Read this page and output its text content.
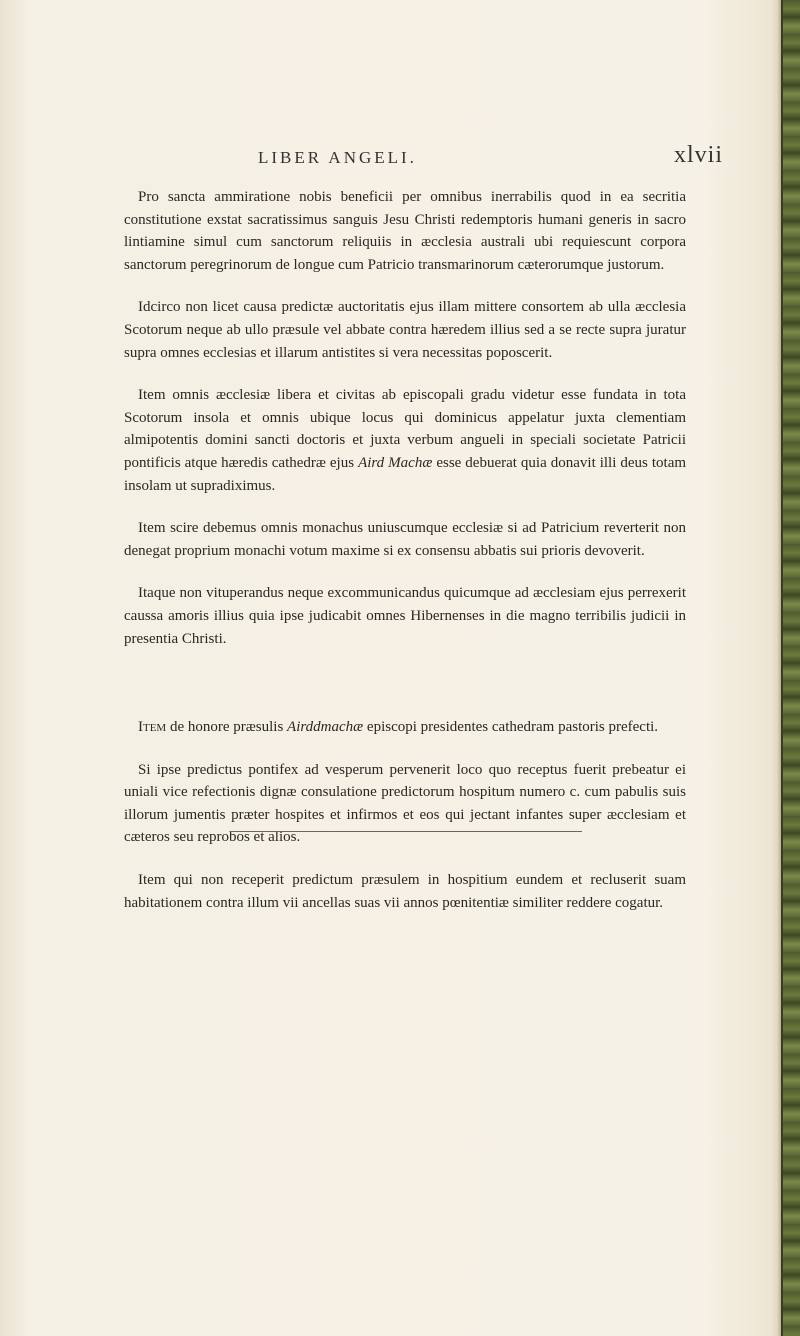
LIBER ANGELI.	xlvii

Pro sancta ammiratione nobis beneficii per omnibus inerrabilis quod in ea secritia constitutione exstat sacratissimus sanguis Jesu Christi redemptoris humani generis in sacro lintiamine simul cum sanctorum reliquiis in æcclesia australi ubi requiescunt corpora sanctorum peregrinorum de longue cum Patricio transmarinorum cæterorumque justorum.

Idcirco non licet causa predictæ auctoritatis ejus illam mittere consortem ab ulla æcclesia Scotorum neque ab ullo præsule vel abbate contra hæredem illius sed a se recte supra juratur supra omnes ecclesias et illarum antistites si vera necessitas poposcerit.

Item omnis æcclesiæ libera et civitas ab episcopali gradu videtur esse fundata in tota Scotorum insola et omnis ubique locus qui dominicus appelatur juxta clementiam almipotentis domini sancti doctoris et juxta verbum angueli in speciali societate Patricii pontificis atque hæredis cathedræ ejus Aird Machæ esse debuerat quia donavit illi deus totam insolam ut supradiximus.

Item scire debemus omnis monachus uniuscumque ecclesiæ si ad Patricium reverterit non denegat proprium monachi votum maxime si ex consensu abbatis sui prioris devoverit.

Itaque non vituperandus neque excommunicandus quicumque ad æcclesiam ejus perrexerit caussa amoris illius quia ipse judicabit omnes Hibernenses in die magno terribilis judicii in presentia Christi.

Item de honore præsulis Airddmachæ episcopi presidentes cathedram pastoris prefecti.

Si ipse predictus pontifex ad vesperum pervenerit loco quo receptus fuerit prebeatur ei uniali vice refectionis dignæ consulatione predictorum hospitum numero c. cum pabulis suis illorum jumentis præter hospites et infirmos et eos qui jectant infantes super æcclesiam et cæteros seu reprobos et alios.

Item qui non receperit predictum præsulem in hospitium eundem et recluserit suam habitationem contra illum vii ancellas suas vii annos pœnitentiæ similiter reddere cogatur.
